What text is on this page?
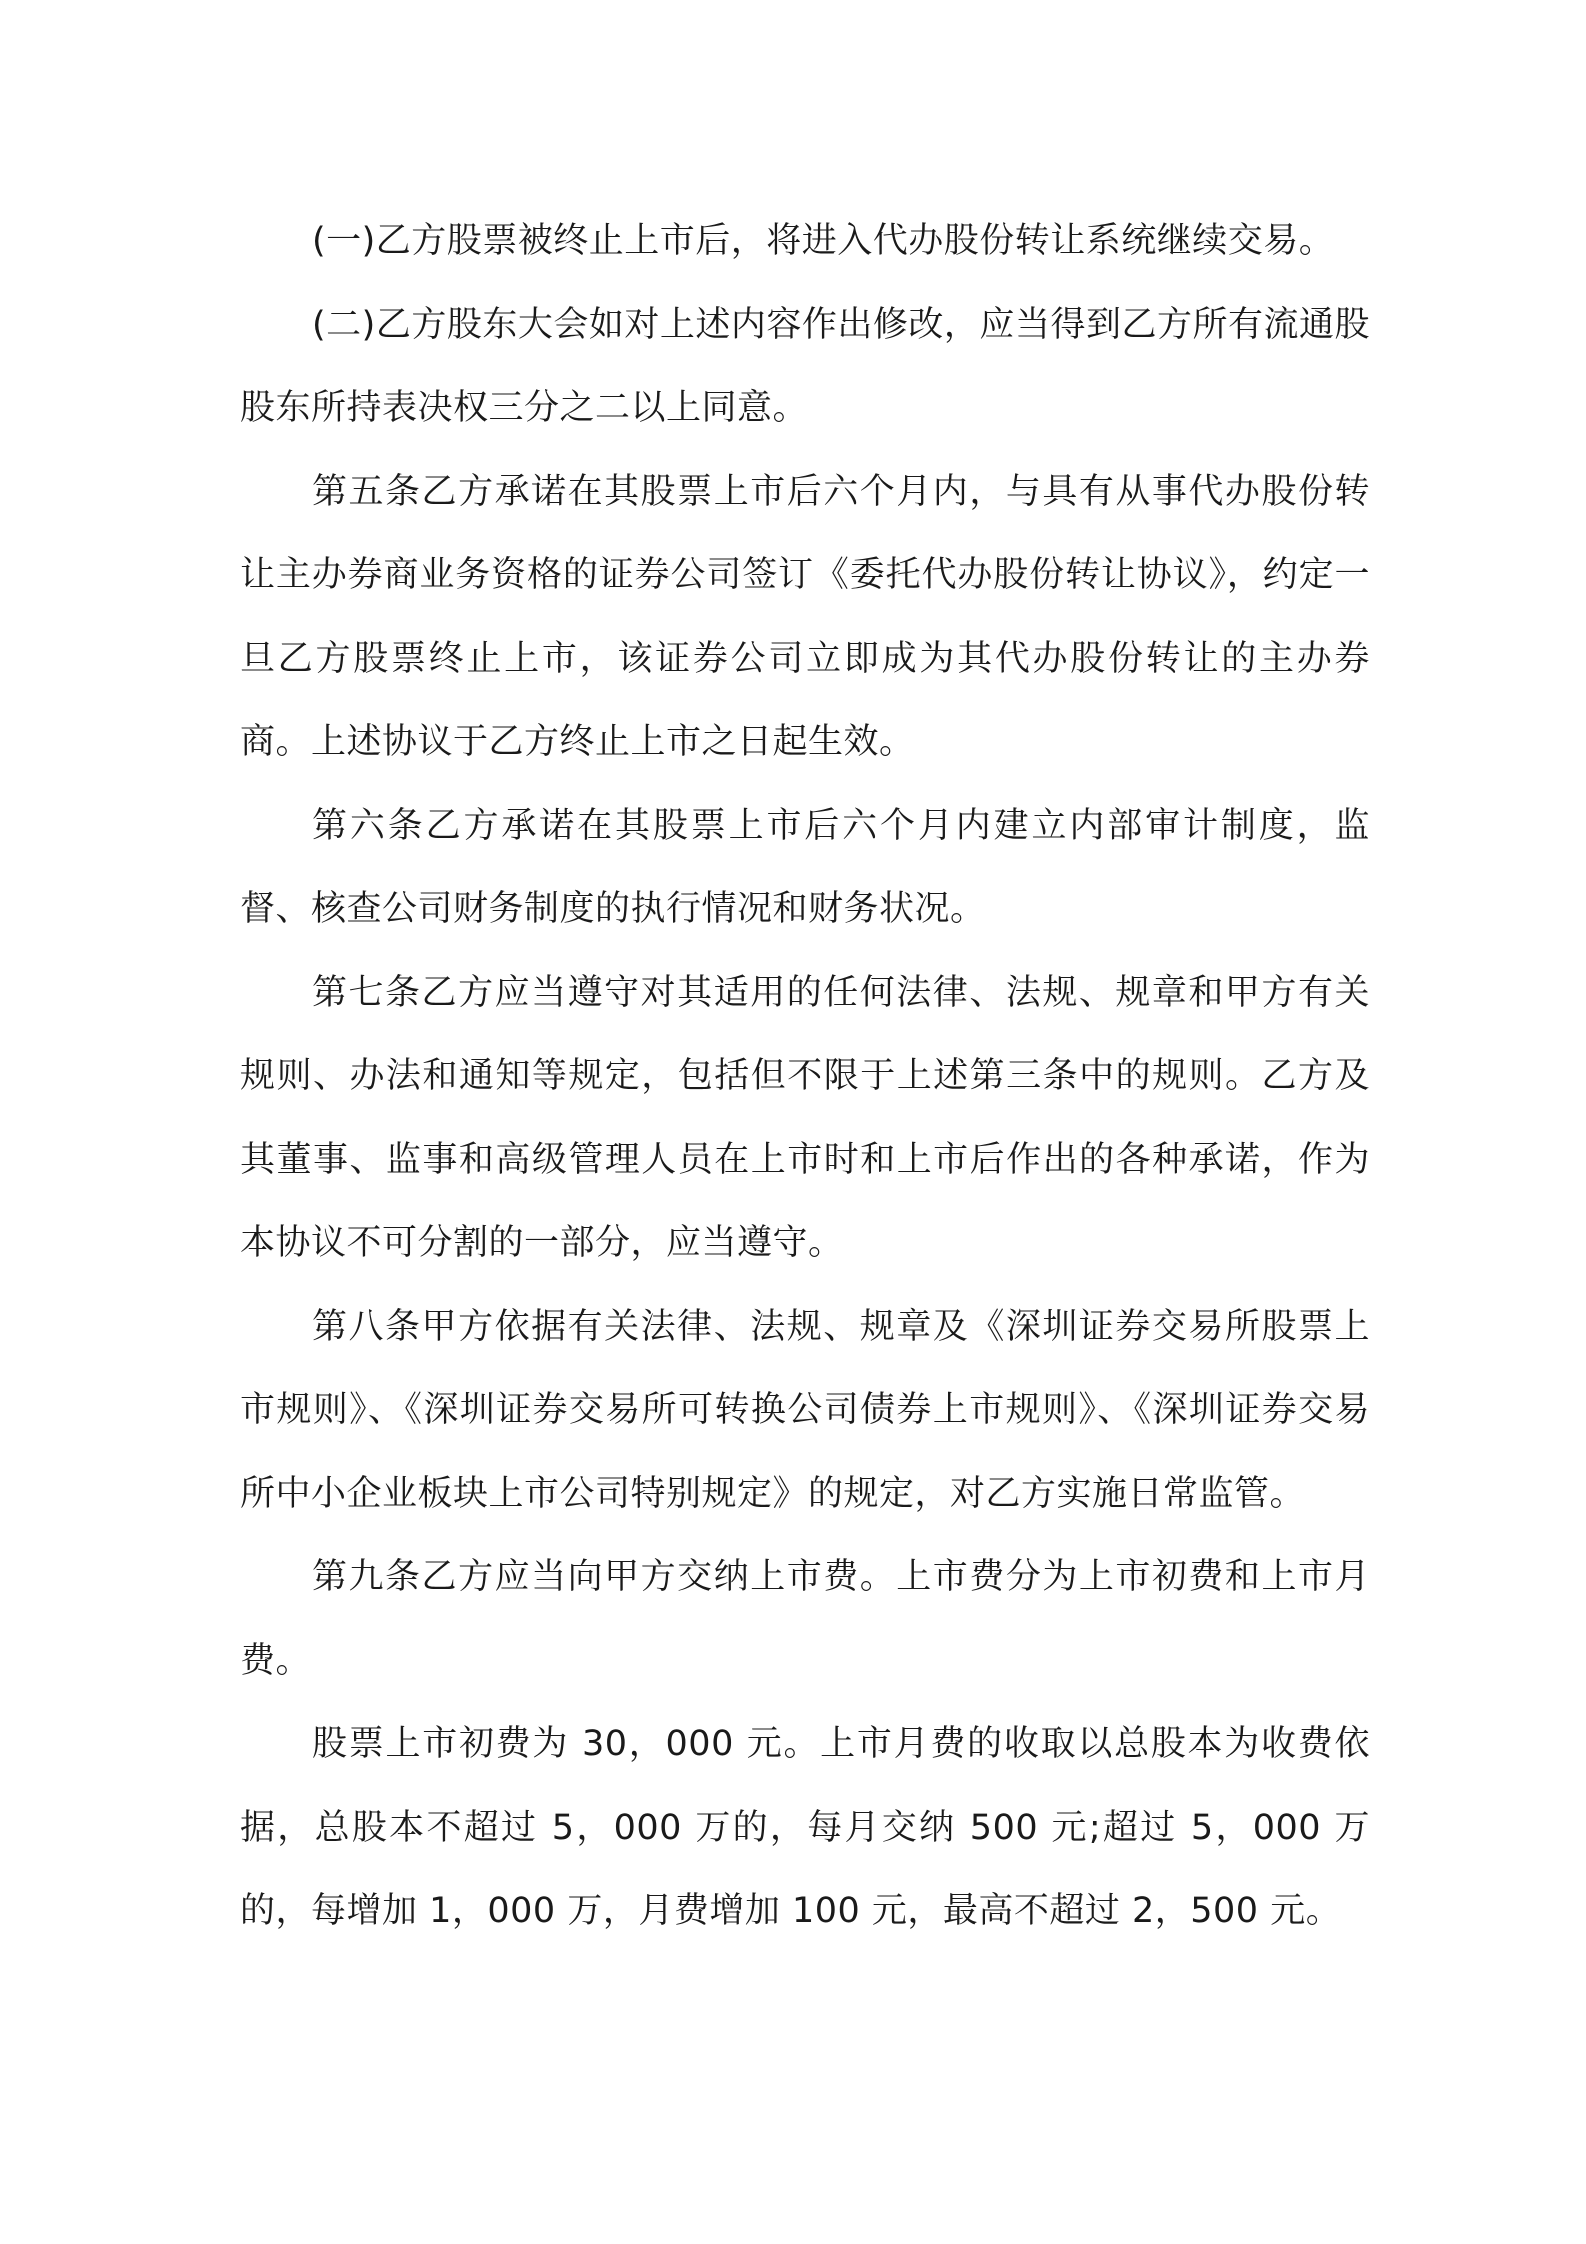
(一)乙方股票被终止上市后，将进入代办股份转让系统继续交易。

(二)乙方股东大会如对上述内容作出修改，应当得到乙方所有流通股股东所持表决权三分之二以上同意。

第五条乙方承诺在其股票上市后六个月内，与具有从事代办股份转让主办券商业务资格的证券公司签订《委托代办股份转让协议》，约定一旦乙方股票终止上市，该证券公司立即成为其代办股份转让的主办券商。上述协议于乙方终止上市之日起生效。

第六条乙方承诺在其股票上市后六个月内建立内部审计制度，监督、核查公司财务制度的执行情况和财务状况。

第七条乙方应当遵守对其适用的任何法律、法规、规章和甲方有关规则、办法和通知等规定，包括但不限于上述第三条中的规则。乙方及其董事、监事和高级管理人员在上市时和上市后作出的各种承诺，作为本协议不可分割的一部分，应当遵守。

第八条甲方依据有关法律、法规、规章及《深圳证券交易所股票上市规则》、《深圳证券交易所可转换公司债券上市规则》、《深圳证券交易所中小企业板块上市公司特别规定》的规定，对乙方实施日常监管。

第九条乙方应当向甲方交纳上市费。上市费分为上市初费和上市月费。

股票上市初费为 30，000 元。上市月费的收取以总股本为收费依据，总股本不超过 5，000 万的，每月交纳 500 元;超过 5，000 万的，每增加 1，000 万，月费增加 100 元，最高不超过 2，500 元。
